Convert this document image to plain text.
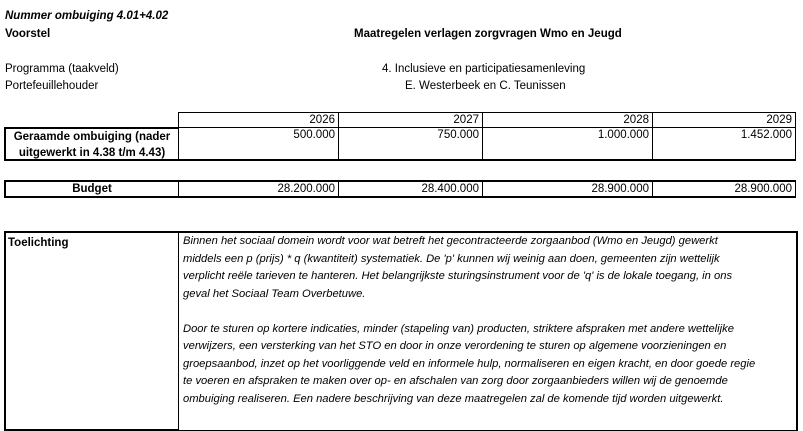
Nummer ombuiging 4.01+4.02
Voorstel	Maatregelen verlagen zorgvragen Wmo en Jeugd
Programma (taakveld)	4. Inclusieve en participatiesamenleving
Portefeuillehouder	E. Westerbeek en C. Teunissen
2026	2027	2028	2029
Geraamde ombuiging (nader
uitgewerkt in 4.38 t/m 4.43)
500.000	750.000	1.000.000	1.452.000
Budget	28.200.000	28.400.000	28.900.000	28.900.000
Toelichting	Binnen het sociaal domein wordt voor wat betreft het gecontracteerde zorgaanbod (Wmo en Jeugd) gewerkt
middels een p (prijs) * q (kwantiteit) systematiek. De 'p' kunnen wij weinig aan doen, gemeenten zijn wettelijk
verplicht reële tarieven te hanteren. Het belangrijkste sturingsinstrument voor de 'q' is de lokale toegang, in ons
geval het Sociaal Team Overbetuwe.
Door te sturen op kortere indicaties, minder (stapeling van) producten, striktere afspraken met andere wettelijke
verwijzers, een versterking van het STO en door in onze verordening te sturen op algemene voorzieningen en
groepsaanbod, inzet op het voorliggende veld en informele hulp, normaliseren en eigen kracht, en door goede regie
te voeren en afspraken te maken over op- en afschalen van zorg door zorgaanbieders willen wij de genoemde
ombuiging realiseren. Een nadere beschrijving van deze maatregelen zal de komende tijd worden uitgewerkt.
